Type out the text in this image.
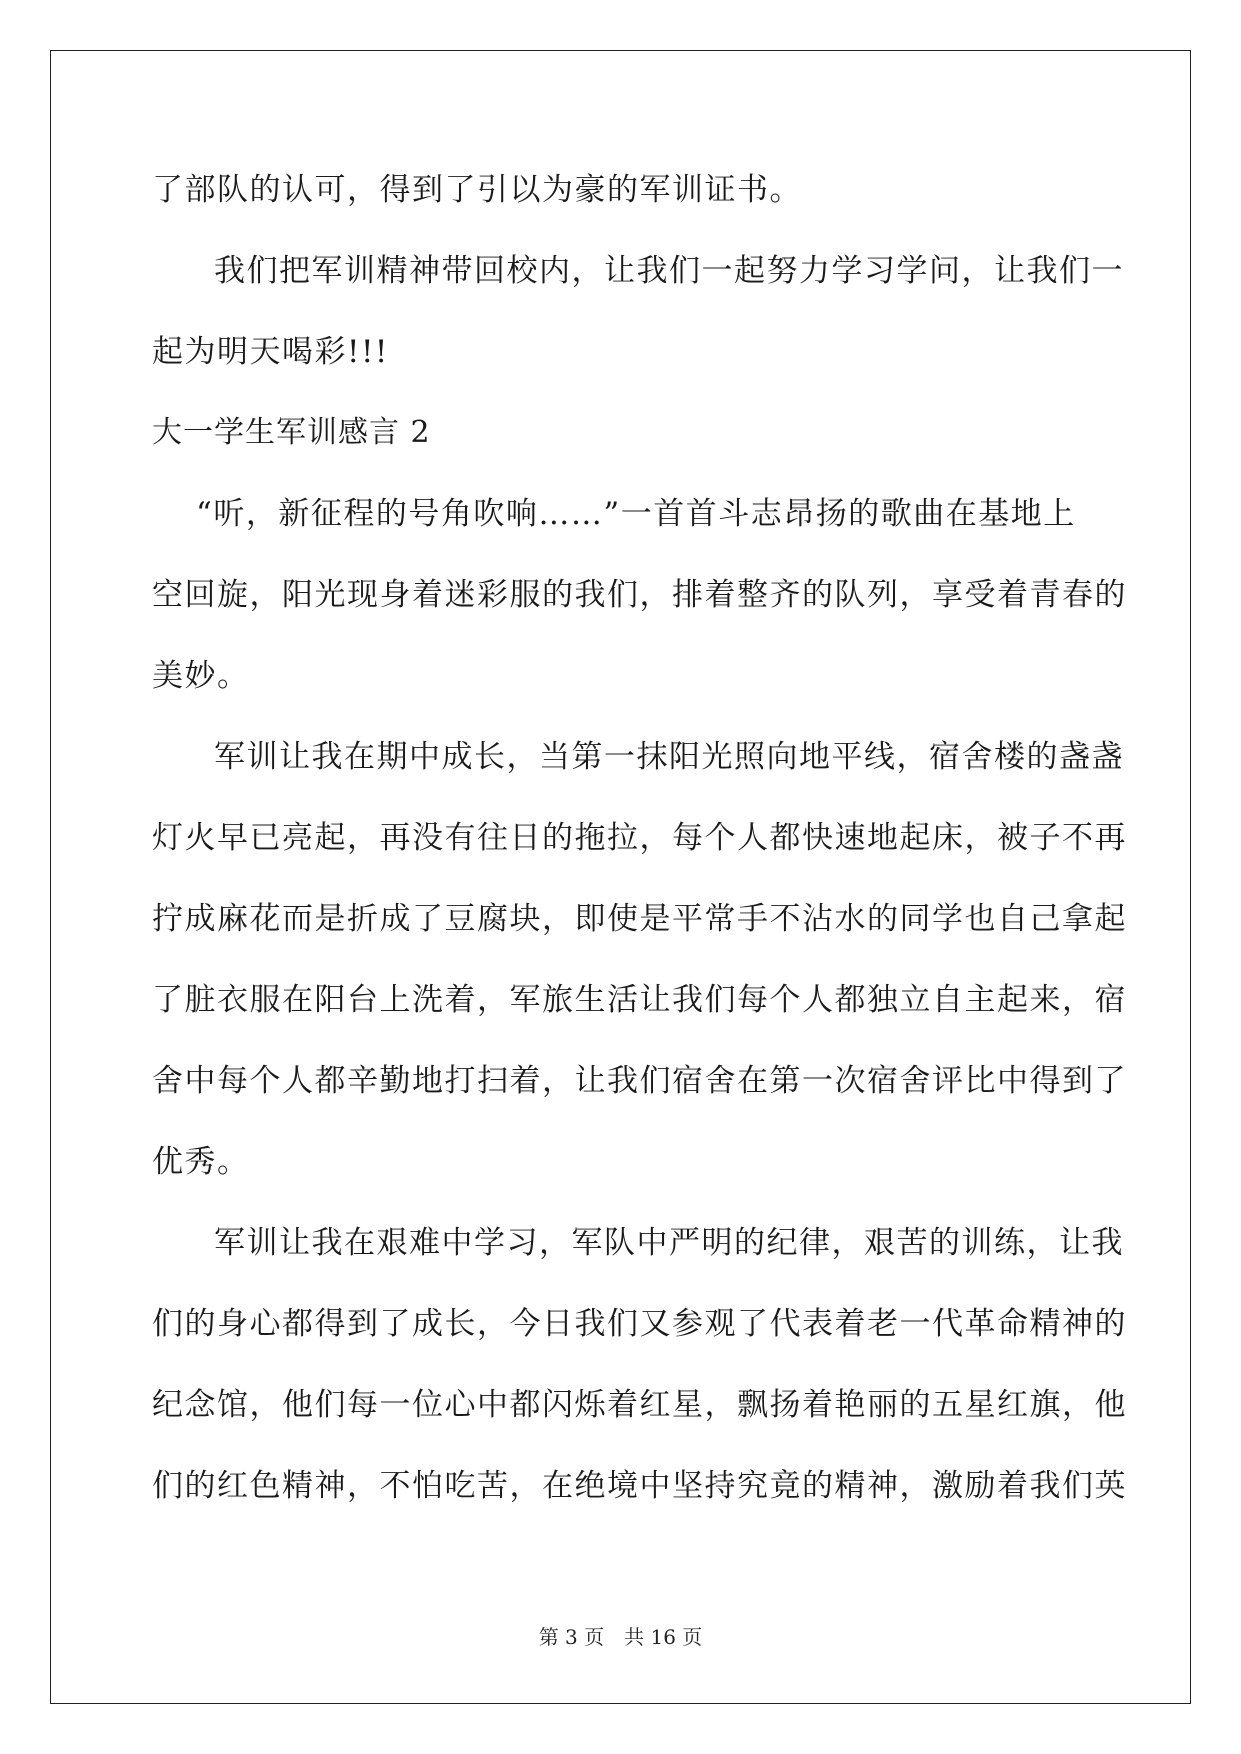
了部队的认可，得到了引以为豪的军训证书。
我们把军训精神带回校内，让我们一起努力学习学问，让我们一
起为明天喝彩!!!
大一学生军训感言 2
“听，新征程的号角吹响……”一首首斗志昂扬的歌曲在基地上
空回旋，阳光现身着迷彩服的我们，排着整齐的队列，享受着青春的
美妙。
军训让我在期中成长，当第一抹阳光照向地平线，宿舍楼的盏盏
灯火早已亮起，再没有往日的拖拉，每个人都快速地起床，被子不再
拧成麻花而是折成了豆腐块，即使是平常手不沾水的同学也自己拿起
了脏衣服在阳台上洗着，军旅生活让我们每个人都独立自主起来，宿
舍中每个人都辛勤地打扫着，让我们宿舍在第一次宿舍评比中得到了
优秀。
军训让我在艰难中学习，军队中严明的纪律，艰苦的训练，让我
们的身心都得到了成长，今日我们又参观了代表着老一代革命精神的
纪念馆，他们每一位心中都闪烁着红星，飘扬着艳丽的五星红旗，他
们的红色精神，不怕吃苦，在绝境中坚持究竟的精神，激励着我们英
第 3 页　共 16 页
